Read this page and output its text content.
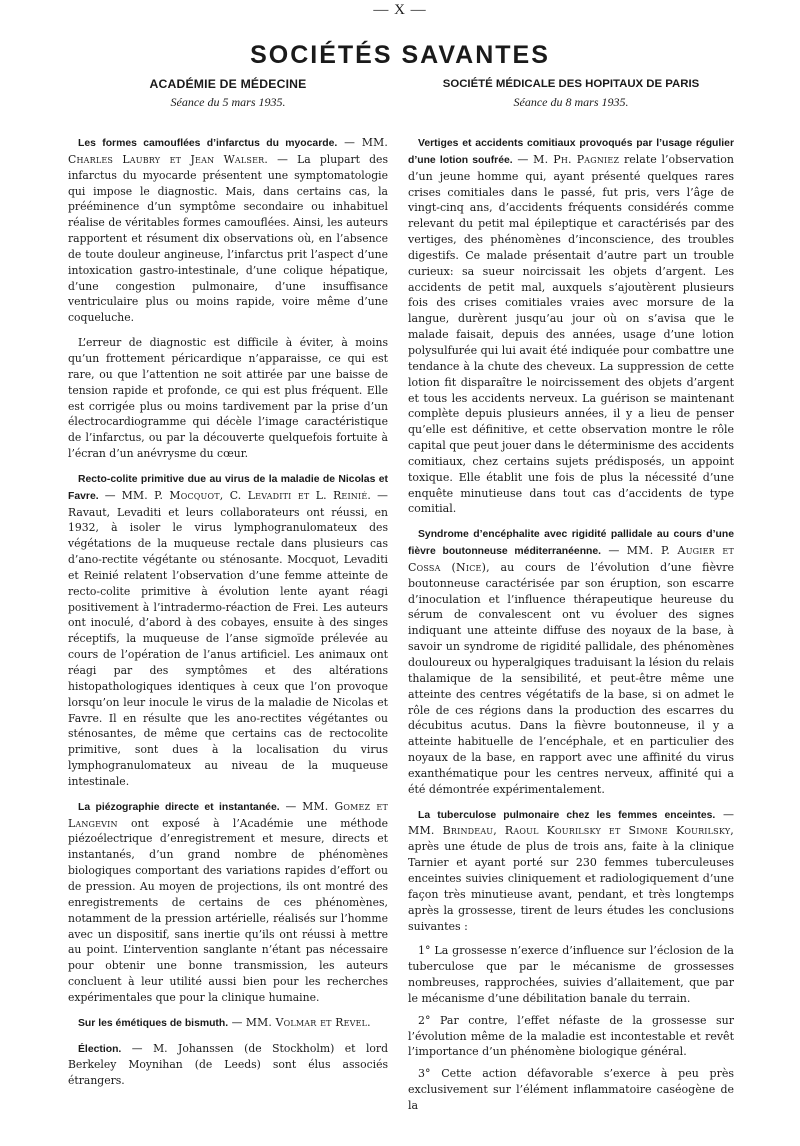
— X —
SOCIÉTÉS SAVANTES
ACADÉMIE DE MÉDECINE
Séance du 5 mars 1935.

Les formes camouflées d’infarctus du myocarde. — MM. Charles Laubry et Jean Walser. — La plupart des infarctus du myocarde présentent une symptomatologie qui impose le diagnostic. Mais, dans certains cas, la prééminence d’un symptôme secondaire ou inhabituel réalise de véritables formes camouflées. Ainsi, les auteurs rapportent et résument dix observations où, en l’absence de toute douleur angineuse, l’infarctus prit l’aspect d’une intoxication gastro-intestinale, d’une colique hépatique, d’une congestion pulmonaire, d’une insuffisance ventriculaire plus ou moins rapide, voire même d’une coqueluche.

L’erreur de diagnostic est difficile à éviter, à moins qu’un frottement péricardique n’apparaisse, ce qui est rare, ou que l’attention ne soit attirée par une baisse de tension rapide et profonde, ce qui est plus fréquent. Elle est corrigée plus ou moins tardivement par la prise d’un électrocardiogramme qui décèle l’image caractéristique de l’infarctus, ou par la découverte quelquefois fortuite à l’écran d’un anévrysme du cœur.

Recto-colite primitive due au virus de la maladie de Nicolas et Favre. — MM. P. Mocquot, C. Levaditi et L. Reinié. — Ravaut, Levaditi et leurs collaborateurs ont réussi, en 1932, à isoler le virus lymphogranulomateux des végétations de la muqueuse rectale dans plusieurs cas d’ano-rectite végétante ou sténosante. Mocquot, Levaditi et Reinié relatent l’observation d’une femme atteinte de recto-colite primitive à évolution lente ayant réagi positivement à l’intradermo-réaction de Frei. Les auteurs ont inoculé, d’abord à des cobayes, ensuite à des singes réceptifs, la muqueuse de l’anse sigmoïde prélevée au cours de l’opération de l’anus artificiel. Les animaux ont réagi par des symptômes et des altérations histopathologiques identiques à ceux que l’on provoque lorsqu’on leur inocule le virus de la maladie de Nicolas et Favre. Il en résulte que les ano-rectites végétantes ou sténosantes, de même que certains cas de rectocolite primitive, sont dues à la localisation du virus lymphogranulomateux au niveau de la muqueuse intestinale.

La piézographie directe et instantanée. — MM. Gomez et Langevin ont exposé à l’Académie une méthode piézoélectrique d’enregistrement et mesure, directs et instantanés, d’un grand nombre de phénomènes biologiques comportant des variations rapides d’effort ou de pression. Au moyen de projections, ils ont montré des enregistrements de certains de ces phénomènes, notamment de la pression artérielle, réalisés sur l’homme avec un dispositif, sans inertie qu’ils ont réussi à mettre au point. L’intervention sanglante n’étant pas nécessaire pour obtenir une bonne transmission, les auteurs concluent à leur utilité aussi bien pour les recherches expérimentales que pour la clinique humaine.

Sur les émétiques de bismuth. — MM. Volmar et Revel.

Élection. — M. Johanssen (de Stockholm) et lord Berkeley Moynihan (de Leeds) sont élus associés étrangers.

SOCIÉTÉ MÉDICALE DES HOPITAUX DE PARIS
Séance du 8 mars 1935.

Vertiges et accidents comitiaux provoqués par l’usage régulier d’une lotion soufrée. — M. Ph. Pagniez relate l’observation d’un jeune homme qui, ayant présenté quelques rares crises comitiales dans le passé, fut pris, vers l’âge de vingt-cinq ans, d’accidents fréquents considérés comme relevant du petit mal épileptique et caractérisés par des vertiges, des phénomènes d’inconscience, des troubles digestifs. Ce malade présentait d’autre part un trouble curieux: sa sueur noircissait les objets d’argent. Les accidents de petit mal, auxquels s’ajoutèrent plusieurs fois des crises comitiales vraies avec morsure de la langue, durèrent jusqu’au jour où on s’avisa que le malade faisait, depuis des années, usage d’une lotion polysulfurée qui lui avait été indiquée pour combattre une tendance à la chute des cheveux. La suppression de cette lotion fit disparaître le noircissement des objets d’argent et tous les accidents nerveux. La guérison se maintenant complète depuis plusieurs années, il y a lieu de penser qu’elle est définitive, et cette observation montre le rôle capital que peut jouer dans le déterminisme des accidents comitiaux, chez certains sujets prédisposés, un appoint toxique. Elle établit une fois de plus la nécessité d’une enquête minutieuse dans tout cas d’accidents de type comitial.

Syndrome d’encéphalite avec rigidité pallidale au cours d’une fièvre boutonneuse méditerranéenne. — MM. P. Augier et Cossa (Nice), au cours de l’évolution d’une fièvre boutonneuse caractérisée par son éruption, son escarre d’inoculation et l’influence thérapeutique heureuse du sérum de convalescent ont vu évoluer des signes indiquant une atteinte diffuse des noyaux de la base, à savoir un syndrome de rigidité pallidale, des phénomènes douloureux ou hyperalgiques traduisant la lésion du relais thalamique de la sensibilité, et peut-être même une atteinte des centres végétatifs de la base, si on admet le rôle de ces régions dans la production des escarres du décubitus acutus. Dans la fièvre boutonneuse, il y a atteinte habituelle de l’encéphale, et en particulier des noyaux de la base, en rapport avec une affinité du virus exanthématique pour les centres nerveux, affinité qui a été démontrée expérimentalement.

La tuberculose pulmonaire chez les femmes enceintes. — MM. Brindeau, Raoul Kourilsky et Simone Kourilsky, après une étude de plus de trois ans, faite à la clinique Tarnier et ayant porté sur 230 femmes tuberculeuses enceintes suivies cliniquement et radiologiquement d’une façon très minutieuse avant, pendant, et très longtemps après la grossesse, tirent de leurs études les conclusions suivantes :

1° La grossesse n’exerce d’influence sur l’éclosion de la tuberculose que par le mécanisme de grossesses nombreuses, rapprochées, suivies d’allaitement, que par le mécanisme d’une débilitation banale du terrain.

2° Par contre, l’effet néfaste de la grossesse sur l’évolution même de la maladie est incontestable et revêt l’importance d’un phénomène biologique général.

3° Cette action défavorable s’exerce à peu près exclusivement sur l’élément inflammatoire caséogène de la
